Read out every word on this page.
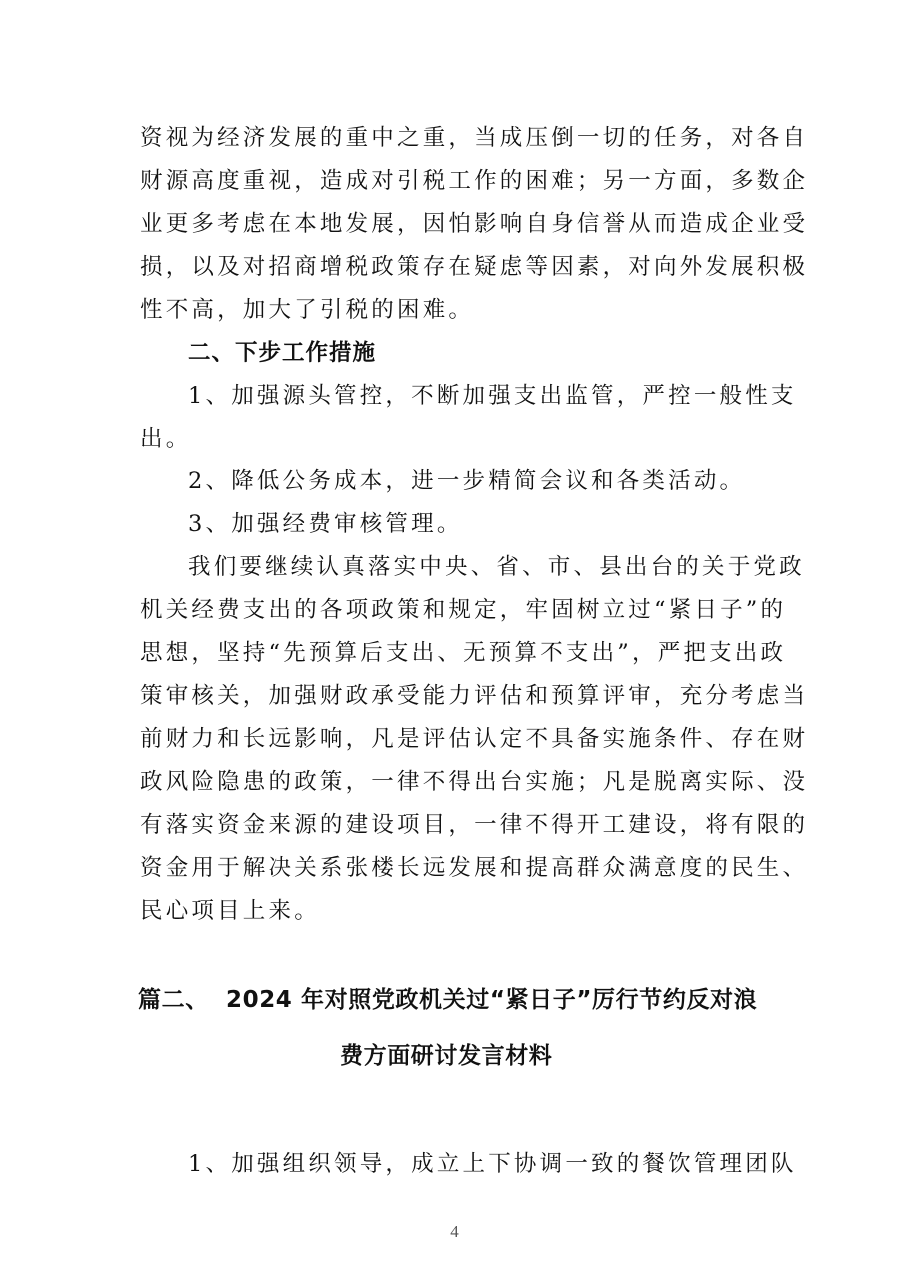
资视为经济发展的重中之重，当成压倒一切的任务，对各自
财源高度重视，造成对引税工作的困难；另一方面，多数企
业更多考虑在本地发展，因怕影响自身信誉从而造成企业受
损，以及对招商增税政策存在疑虑等因素，对向外发展积极
性不高，加大了引税的困难。
二、下步工作措施
1、加强源头管控，不断加强支出监管，严控一般性支
出。
2、降低公务成本，进一步精简会议和各类活动。
3、加强经费审核管理。
我们要继续认真落实中央、省、市、县出台的关于党政
机关经费支出的各项政策和规定，牢固树立过“紧日子”的
思想，坚持“先预算后支出、无预算不支出”，严把支出政
策审核关，加强财政承受能力评估和预算评审，充分考虑当
前财力和长远影响，凡是评估认定不具备实施条件、存在财
政风险隐患的政策，一律不得出台实施；凡是脱离实际、没
有落实资金来源的建设项目，一律不得开工建设，将有限的
资金用于解决关系张楼长远发展和提高群众满意度的民生、
民心项目上来。
篇二、 2024 年对照党政机关过“紧日子”厉行节约反对浪
费方面研讨发言材料
1、加强组织领导，成立上下协调一致的餐饮管理团队
4
